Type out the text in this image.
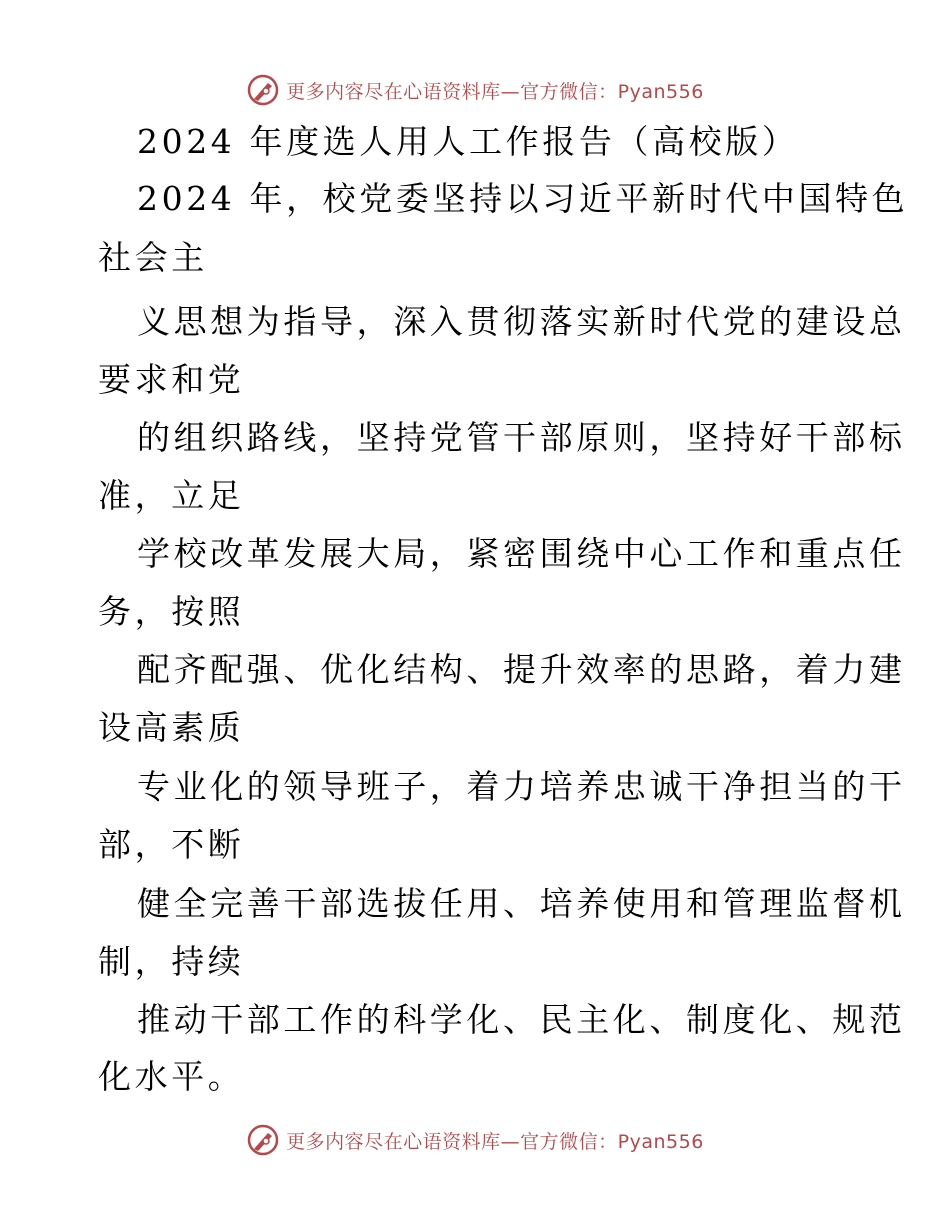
更多内容尽在心语资料库—官方微信：Pyan556
2024 年度选人用人工作报告（高校版）
2024 年，校党委坚持以习近平新时代中国特色
社会主
义思想为指导，深入贯彻落实新时代党的建设总
要求和党
的组织路线，坚持党管干部原则，坚持好干部标
准，立足
学校改革发展大局，紧密围绕中心工作和重点任
务，按照
配齐配强、优化结构、提升效率的思路，着力建
设高素质
专业化的领导班子，着力培养忠诚干净担当的干
部，不断
健全完善干部选拔任用、培养使用和管理监督机
制，持续
推动干部工作的科学化、民主化、制度化、规范
化水平。
更多内容尽在心语资料库—官方微信：Pyan556
